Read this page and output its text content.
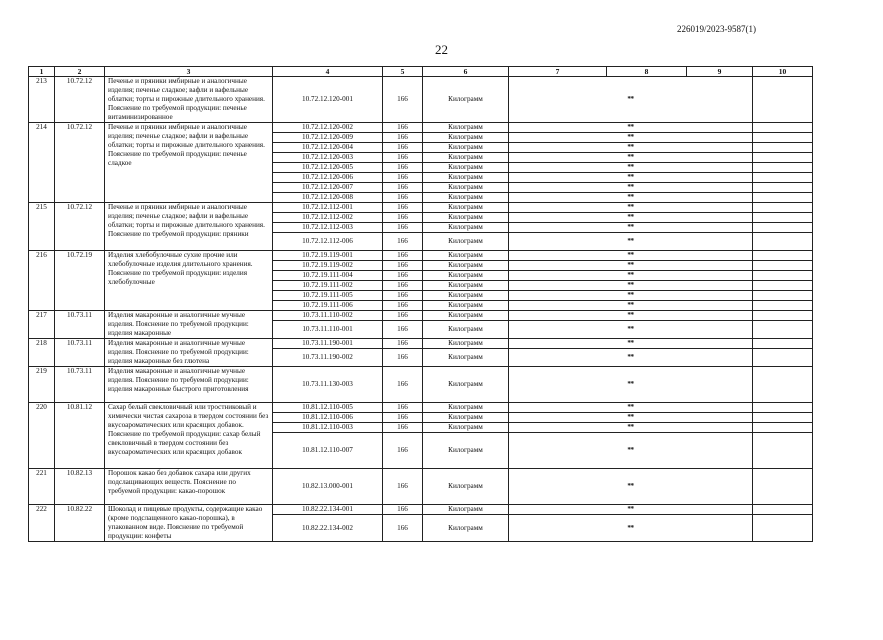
226019/2023-9587(1)
22
1	2	3	4	5	6	7	8	9	10	
213	10.72.12	Печенье и пряники имбирные и аналогичные изделия; печенье сладкое; вафли и вафельные облатки; торты и пирожные длительного хранения. Пояснение по требуемой продукции: печенье витаминизированное	10.72.12.120-001	166	Килограмм	**				
214	10.72.12	Печенье и пряники имбирные и аналогичные изделия; печенье сладкое; вафли и вафельные облатки; торты и пирожные длительного хранения. Пояснение по требуемой продукции: печенье сладкое	10.72.12.120-002	166	Килограмм	**				
			10.72.12.120-009	166	Килограмм	**				
			10.72.12.120-004	166	Килограмм	**				
			10.72.12.120-003	166	Килограмм	**				
			10.72.12.120-005	166	Килограмм	**				
			10.72.12.120-006	166	Килограмм	**				
			10.72.12.120-007	166	Килограмм	**				
			10.72.12.120-008	166	Килограмм	**				
215	10.72.12	Печенье и пряники имбирные и аналогичные изделия; печенье сладкое; вафли и вафельные облатки; торты и пирожные длительного хранения. Пояснение по требуемой продукции: пряники	10.72.12.112-001	166	Килограмм	**				
			10.72.12.112-002	166	Килограмм	**				
			10.72.12.112-003	166	Килограмм	**				
			10.72.12.112-006	166	Килограмм	**				
216	10.72.19	Изделия хлебобулочные сухие прочие или хлебобулочные изделия длительного хранения. Пояснение по требуемой продукции: изделия хлебобулочные	10.72.19.119-001	166	Килограмм	**				
			10.72.19.119-002	166	Килограмм	**				
			10.72.19.111-004	166	Килограмм	**				
			10.72.19.111-002	166	Килограмм	**				
			10.72.19.111-005	166	Килограмм	**				
			10.72.19.111-006	166	Килограмм	**				
217	10.73.11	Изделия макаронные и аналогичные мучные изделия. Пояснение по требуемой продукции: изделия макаронные	10.73.11.110-002	166	Килограмм	**				
			10.73.11.110-001	166	Килограмм	**				
218	10.73.11	Изделия макаронные и аналогичные мучные изделия. Пояснение по требуемой продукции: изделия макаронные без глютена	10.73.11.190-001	166	Килограмм	**				
			10.73.11.190-002	166	Килограмм	**				
219	10.73.11	Изделия макаронные и аналогичные мучные изделия. Пояснение по требуемой продукции: изделия макаронные быстрого приготовления	10.73.11.130-003	166	Килограмм	**				
220	10.81.12	Сахар белый свекловичный или тростниковый и химически чистая сахароза в твердом состоянии без вкусоароматических или красящих добавок. Пояснение по требуемой продукции: сахар белый свекловичный в твердом состоянии без вкусоароматических или красящих добавок	10.81.12.110-005	166	Килограмм	**				
			10.81.12.110-006	166	Килограмм	**				
			10.81.12.110-003	166	Килограмм	**				
			10.81.12.110-007	166	Килограмм	**				
221	10.82.13	Порошок какао без добавок сахара или других подслащивающих веществ. Пояснение по требуемой продукции: какао-порошок	10.82.13.000-001	166	Килограмм	**				
222	10.82.22	Шоколад и пищевые продукты, содержащие какао (кроме подслащенного какао-порошка), в упакованном виде. Пояснение по требуемой продукции: конфеты	10.82.22.134-001	166	Килограмм	**				
			10.82.22.134-002	166	Килограмм	**				
